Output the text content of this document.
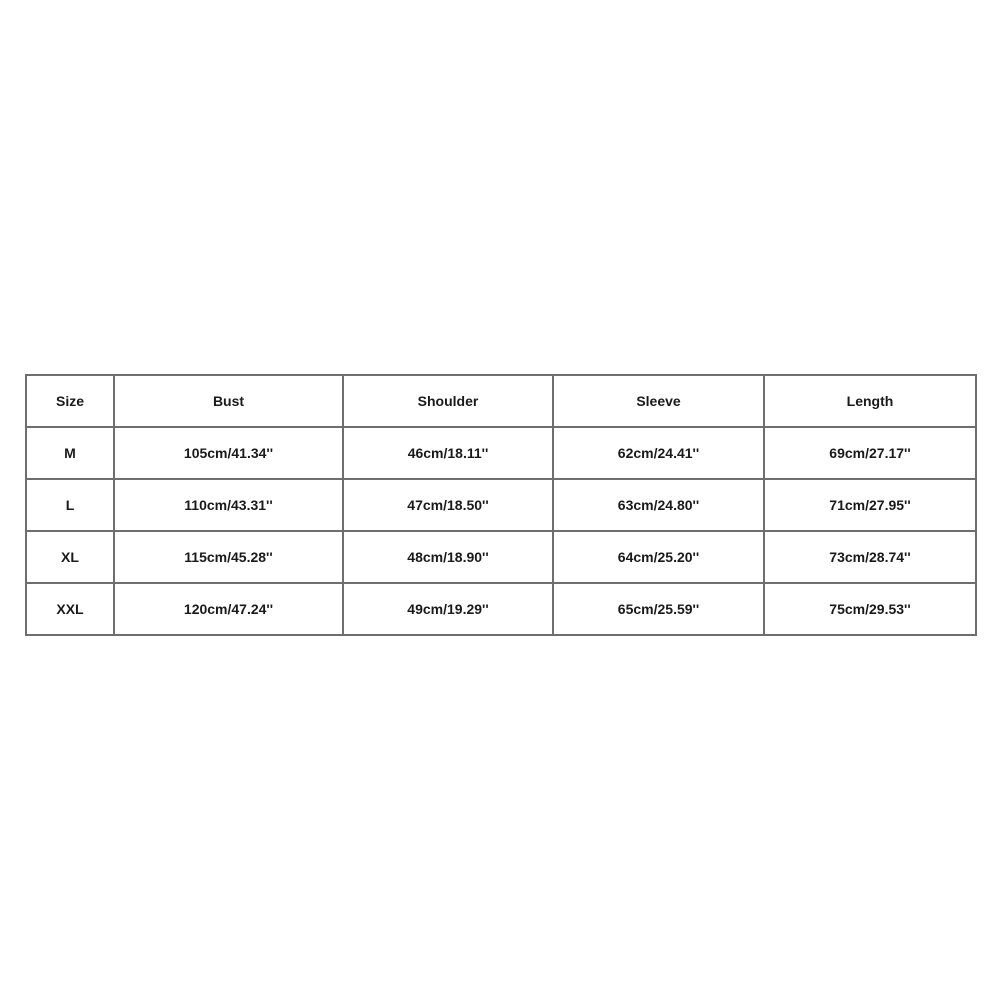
Size	Bust	Shoulder	Sleeve	Length
M	105cm/41.34''	46cm/18.11''	62cm/24.41''	69cm/27.17''
L	110cm/43.31''	47cm/18.50''	63cm/24.80''	71cm/27.95''
XL	115cm/45.28''	48cm/18.90''	64cm/25.20''	73cm/28.74''
XXL	120cm/47.24''	49cm/19.29''	65cm/25.59''	75cm/29.53''
